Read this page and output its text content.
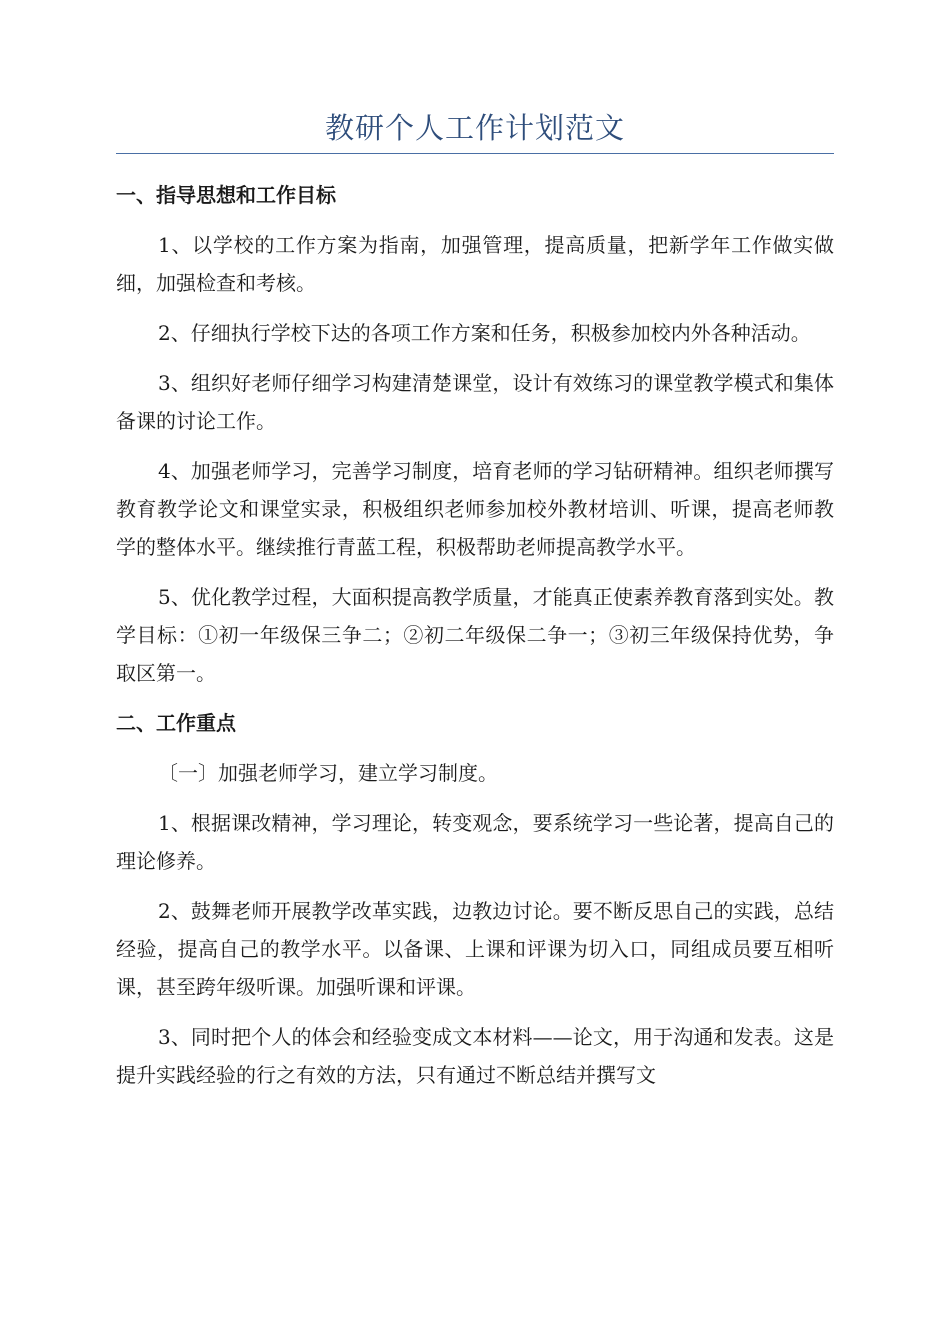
教研个人工作计划范文
一、指导思想和工作目标

1、以学校的工作方案为指南，加强管理，提高质量，把新学年工作做实做细，加强检查和考核。

2、仔细执行学校下达的各项工作方案和任务，积极参加校内外各种活动。

3、组织好老师仔细学习构建清楚课堂，设计有效练习的课堂教学模式和集体备课的讨论工作。

4、加强老师学习，完善学习制度，培育老师的学习钻研精神。组织老师撰写教育教学论文和课堂实录，积极组织老师参加校外教材培训、听课，提高老师教学的整体水平。继续推行青蓝工程，积极帮助老师提高教学水平。

5、优化教学过程，大面积提高教学质量，才能真正使素养教育落到实处。教学目标：①初一年级保三争二；②初二年级保二争一；③初三年级保持优势，争取区第一。

二、工作重点

〔一〕加强老师学习，建立学习制度。

1、根据课改精神，学习理论，转变观念，要系统学习一些论著，提高自己的理论修养。

2、鼓舞老师开展教学改革实践，边教边讨论。要不断反思自己的实践，总结经验，提高自己的教学水平。以备课、上课和评课为切入口，同组成员要互相听课，甚至跨年级听课。加强听课和评课。

3、同时把个人的体会和经验变成文本材料——论文，用于沟通和发表。这是提升实践经验的行之有效的方法，只有通过不断总结并撰写文
